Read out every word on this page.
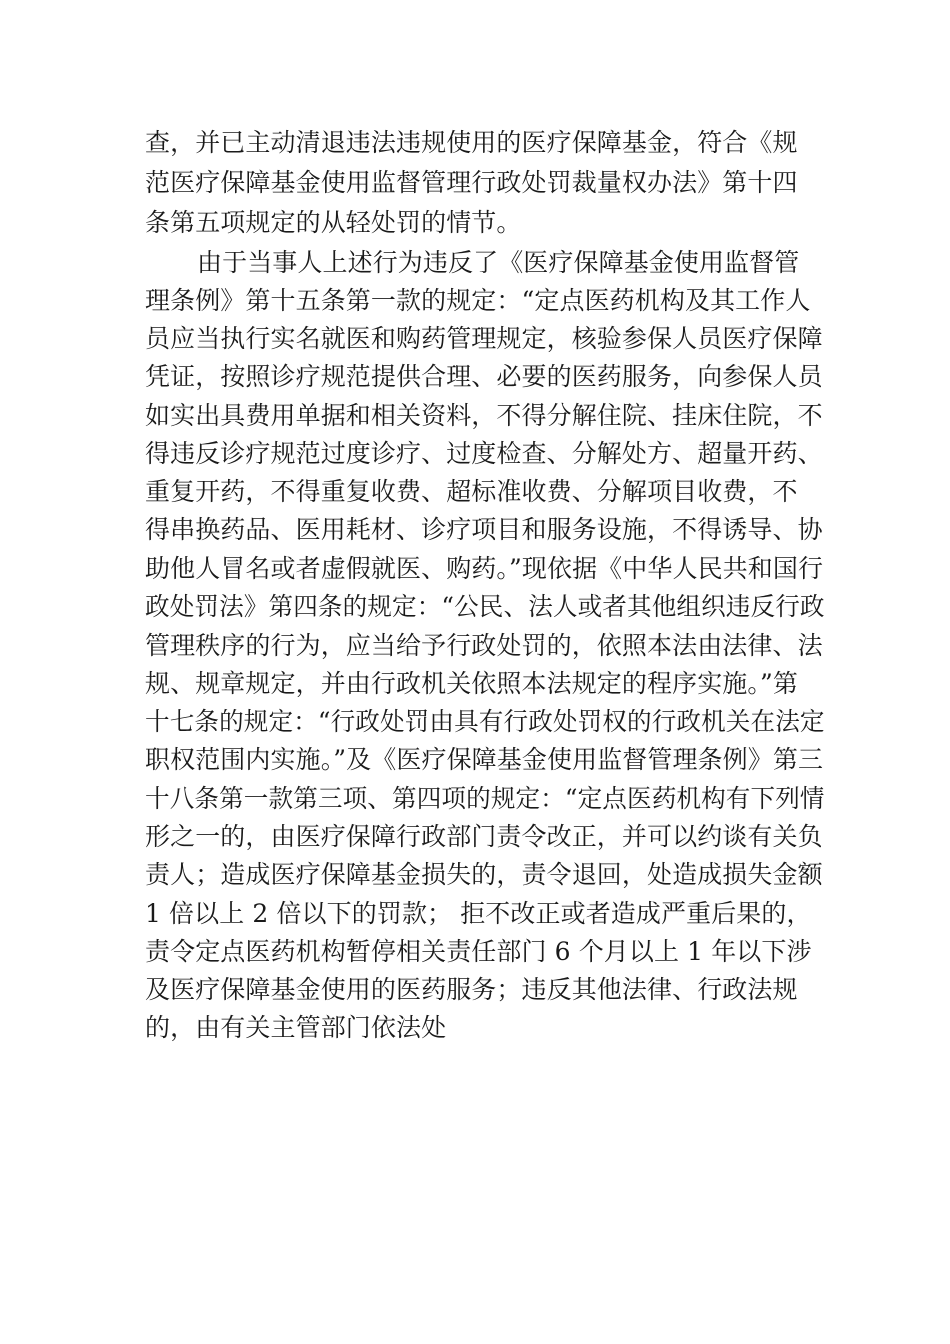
查，并已主动清退违法违规使用的医疗保障基金，符合《规
范医疗保障基金使用监督管理行政处罚裁量权办法》第十四
条第五项规定的从轻处罚的情节。
由于当事人上述行为违反了《医疗保障基金使用监督管
理条例》第十五条第一款的规定：“定点医药机构及其工作人
员应当执行实名就医和购药管理规定，核验参保人员医疗保障
凭证，按照诊疗规范提供合理、必要的医药服务，向参保人员
如实出具费用单据和相关资料，不得分解住院、挂床住院，不
得违反诊疗规范过度诊疗、过度检查、分解处方、超量开药、
重复开药，不得重复收费、超标准收费、分解项目收费，不
得串换药品、医用耗材、诊疗项目和服务设施，不得诱导、协
助他人冒名或者虚假就医、购药。”现依据《中华人民共和国行
政处罚法》第四条的规定：“公民、法人或者其他组织违反行政
管理秩序的行为，应当给予行政处罚的，依照本法由法律、法
规、规章规定，并由行政机关依照本法规定的程序实施。”第
十七条的规定：“行政处罚由具有行政处罚权的行政机关在法定
职权范围内实施。”及《医疗保障基金使用监督管理条例》第三
十八条第一款第三项、第四项的规定：“定点医药机构有下列情
形之一的，由医疗保障行政部门责令改正，并可以约谈有关负
责人；造成医疗保障基金损失的，责令退回，处造成损失金额
1 倍以上 2 倍以下的罚款； 拒不改正或者造成严重后果的，
责令定点医药机构暂停相关责任部门 6 个月以上 1 年以下涉
及医疗保障基金使用的医药服务；违反其他法律、行政法规
的，由有关主管部门依法处
